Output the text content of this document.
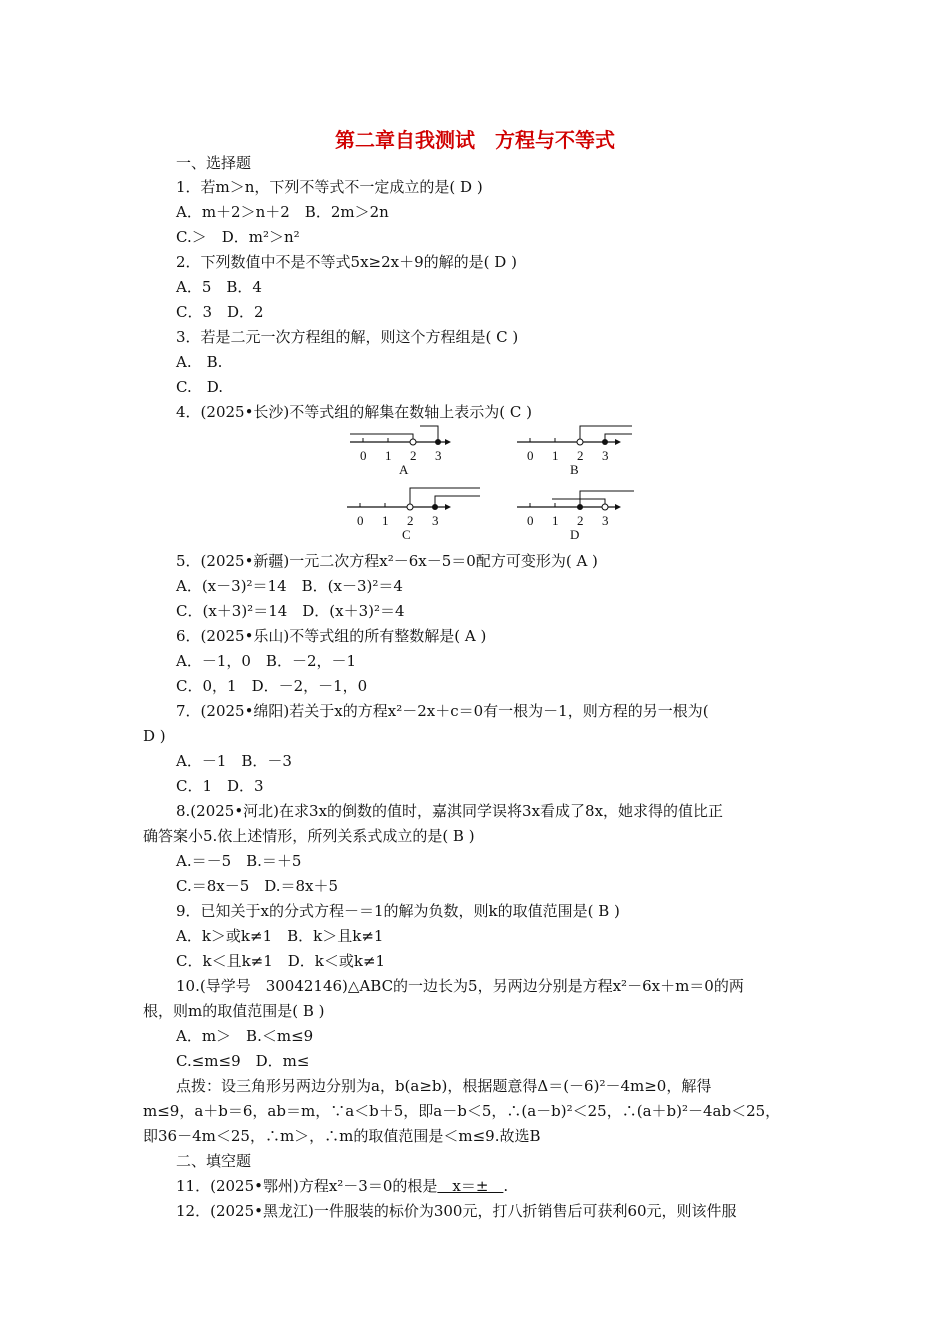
第二章自我测试　方程与不等式
一、选择题
1．若m＞n，下列不等式不一定成立的是( D )
A．m＋2＞n＋2　B．2m＞2n
C.＞　D．m²＞n²
2．下列数值中不是不等式5x≥2x＋9的解的是( D )
A．5　B．4
C．3　D．2
3．若是二元一次方程组的解，则这个方程组是( C )
A.　B.
C.　D.
4．(2025•长沙)不等式组的解集在数轴上表示为( C )
0 1 2 3
A
0 1 2 3
B
0 1 2 3
C
0 1 2 3
D
5．(2025•新疆)一元二次方程x²－6x－5＝0配方可变形为( A )
A．(x－3)²＝14　B．(x－3)²＝4
C．(x＋3)²＝14　D．(x＋3)²＝4
6．(2025•乐山)不等式组的所有整数解是( A )
A．－1，0　B．－2，－1
C．0，1　D．－2，－1，0
7．(2025•绵阳)若关于x的方程x²－2x＋c＝0有一根为－1，则方程的另一根为(
D )
A．－1　B．－3
C．1　D．3
8.(2025•河北)在求3x的倒数的值时，嘉淇同学误将3x看成了8x，她求得的值比正
确答案小5.依上述情形，所列关系式成立的是( B )
A.＝－5　B.＝＋5
C.＝8x－5　D.＝8x＋5
9．已知关于x的分式方程－＝1的解为负数，则k的取值范围是( B )
A．k＞或k≠1　B．k＞且k≠1
C．k＜且k≠1　D．k＜或k≠1
10.(导学号　30042146)△ABC的一边长为5，另两边分别是方程x²－6x＋m＝0的两
根，则m的取值范围是( B )
A．m＞　B.＜m≤9
C.≤m≤9　D．m≤
点拨：设三角形另两边分别为a，b(a≥b)，根据题意得Δ＝(－6)²－4m≥0，解得
m≤9，a＋b＝6，ab＝m，∵a＜b＋5，即a－b＜5，∴(a－b)²＜25，∴(a＋b)²－4ab＜25，
即36－4m＜25，∴m＞，∴m的取值范围是＜m≤9.故选B
二、填空题
11．(2025•鄂州)方程x²－3＝0的根是　x＝±　.
12．(2025•黑龙江)一件服装的标价为300元，打八折销售后可获利60元，则该件服
